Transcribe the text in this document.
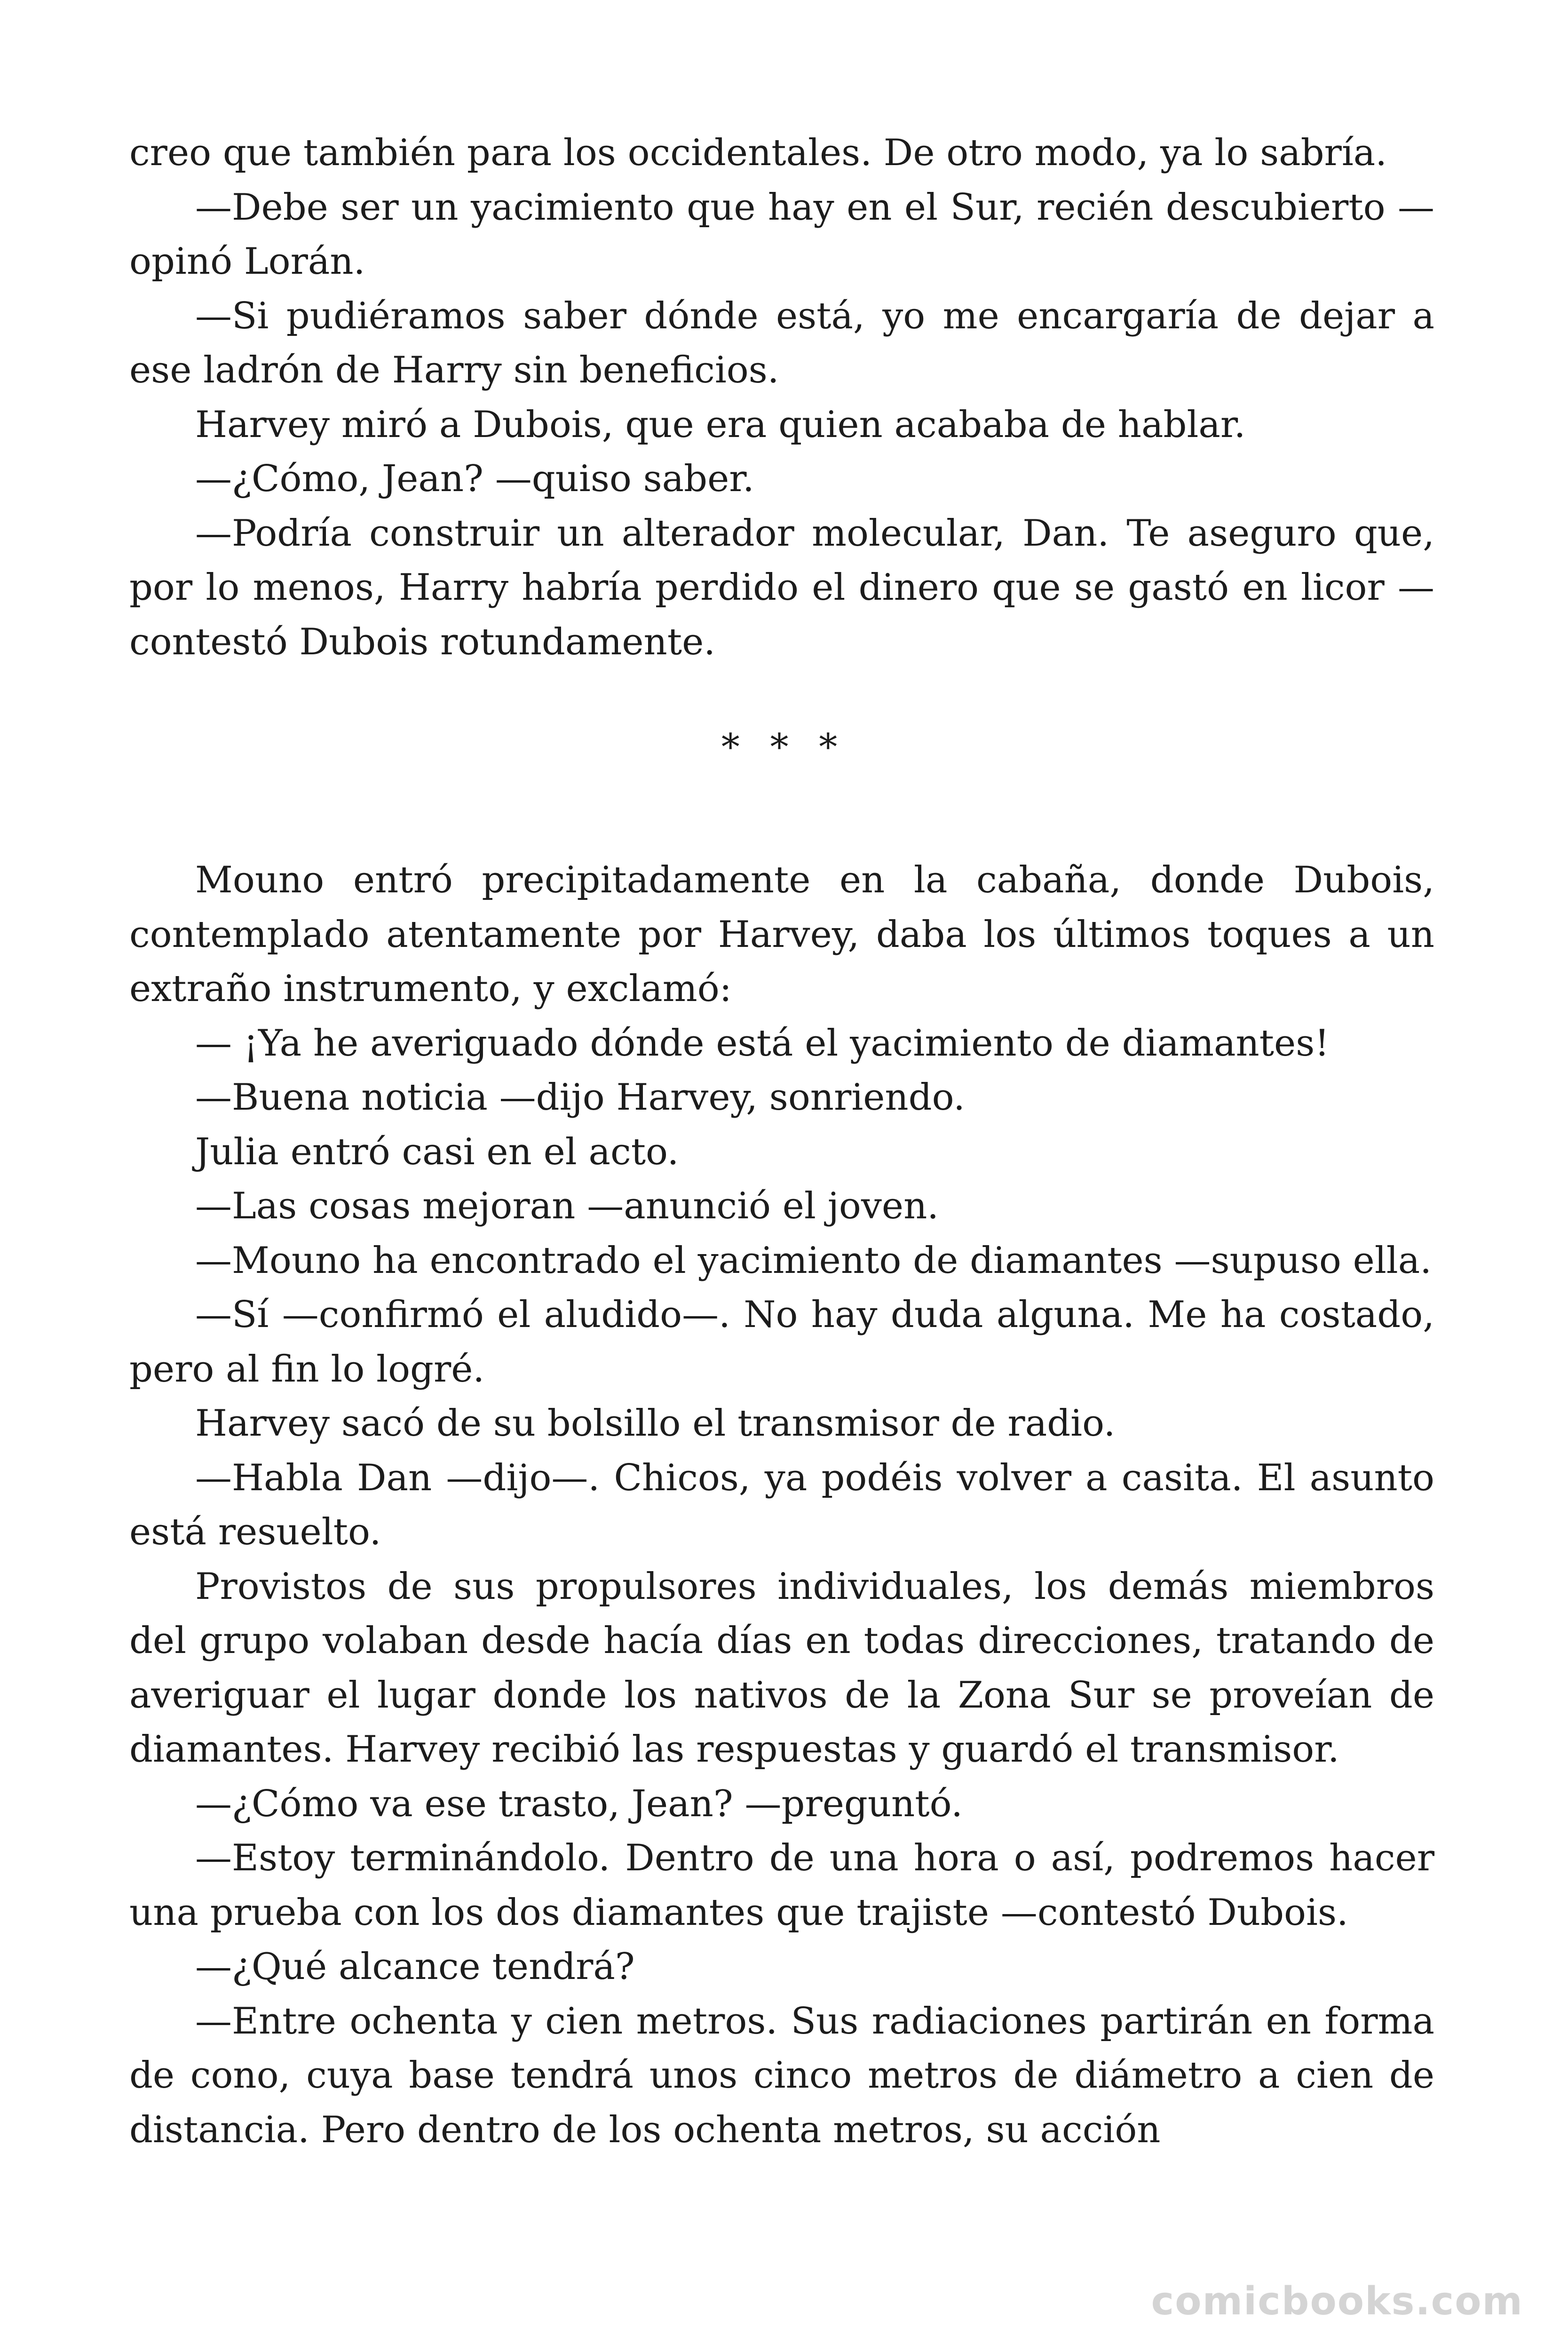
creo que también para los occidentales. De otro modo, ya lo sabría.

—Debe ser un yacimiento que hay en el Sur, recién descubierto —opinó Lorán.

—Si pudiéramos saber dónde está, yo me encargaría de dejar a ese ladrón de Harry sin beneficios.

Harvey miró a Dubois, que era quien acababa de hablar.

—¿Cómo, Jean? —quiso saber.

—Podría construir un alterador molecular, Dan. Te aseguro que, por lo menos, Harry habría perdido el dinero que se gastó en licor —contestó Dubois rotundamente.

* * *

Mouno entró precipitadamente en la cabaña, donde Dubois, contemplado atentamente por Harvey, daba los últimos toques a un extraño instrumento, y exclamó:

— ¡Ya he averiguado dónde está el yacimiento de diamantes!

—Buena noticia —dijo Harvey, sonriendo.

Julia entró casi en el acto.

—Las cosas mejoran —anunció el joven.

—Mouno ha encontrado el yacimiento de diamantes —supuso ella.

—Sí —confirmó el aludido—. No hay duda alguna. Me ha costado, pero al fin lo logré.

Harvey sacó de su bolsillo el transmisor de radio.

—Habla Dan —dijo—. Chicos, ya podéis volver a casita. El asunto está resuelto.

Provistos de sus propulsores individuales, los demás miembros del grupo volaban desde hacía días en todas direcciones, tratando de averiguar el lugar donde los nativos de la Zona Sur se proveían de diamantes. Harvey recibió las respuestas y guardó el transmisor.

—¿Cómo va ese trasto, Jean? —preguntó.

—Estoy terminándolo. Dentro de una hora o así, podremos hacer una prueba con los dos diamantes que trajiste —contestó Dubois.

—¿Qué alcance tendrá?

—Entre ochenta y cien metros. Sus radiaciones partirán en forma de cono, cuya base tendrá unos cinco metros de diámetro a cien de distancia. Pero dentro de los ochenta metros, su acción

comicbooks.com
